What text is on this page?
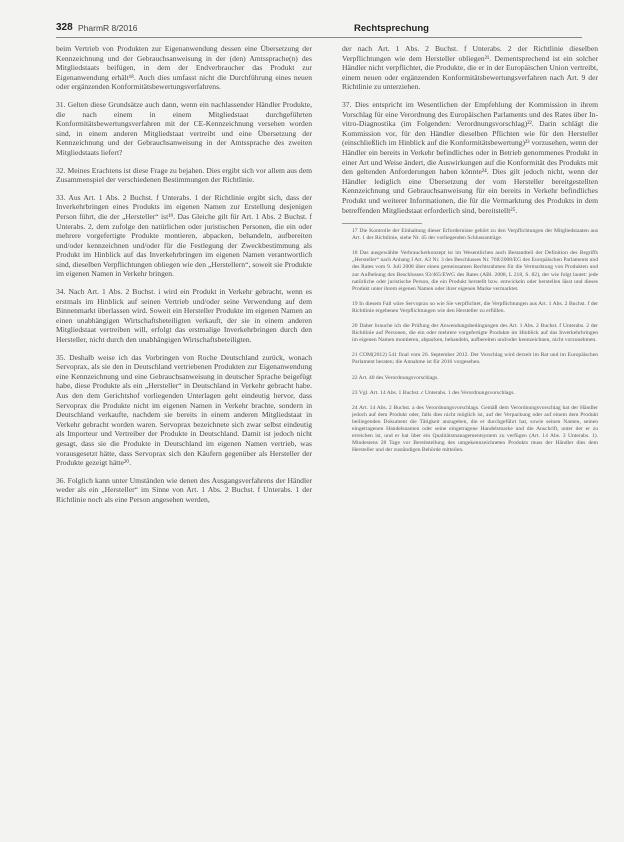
328 PharmR 8/2016	Rechtsprechung

beim Vertrieb von Produkten zur Eigenanwendung dessen eine Übersetzung der Kennzeichnung und der Gebrauchsanweisung in der (den) Amtssprache(n) des Mitgliedstaats beifügen, in dem der Endverbraucher das Produkt zur Eigenanwendung erhält¹⁸. Auch dies umfasst nicht die Durchführung eines neuen oder ergänzenden Konformitätsbewertungsverfahrens.

31. Gelten diese Grundsätze auch dann, wenn ein nachlassender Händler Produkte, die nach einem in einem Mitgliedstaat durchgeführten Konformitätsbewertungsverfahren mit der CE-Kennzeichnung versehen worden sind, in einem anderen Mitgliedstaat vertreibt und eine Übersetzung der Kennzeichnung und der Gebrauchsanweisung in der Amtssprache des zweiten Mitgliedstaats liefert?

32. Meines Erachtens ist diese Frage zu bejahen. Dies ergibt sich vor allem aus dem Zusammenspiel der verschiedenen Bestimmungen der Richtlinie.

33. Aus Art. 1 Abs. 2 Buchst. f Unterabs. 1 der Richtlinie ergibt sich, dass der Inverkehrbringen eines Produkts im eigenen Namen zur Erstellung desjenigen Person führt, die der „Hersteller“ ist¹⁹. Das Gleiche gilt für Art. 1 Abs. 2 Buchst. f Unterabs. 2, dem zufolge den natürlichen oder juristischen Personen, die ein oder mehrere vorgefertigte Produkte montieren, abpacken, behandeln, aufbereiten und/oder kennzeichnen und/oder für die Festlegung der Zweckbestimmung als Produkt im Hinblick auf das Inverkehrbringen im eigenen Namen verantwortlich sind, dieselben Verpflichtungen obliegen wie den „Herstellern“, soweit sie Produkte im eigenen Namen in Verkehr bringen.

34. Nach Art. 1 Abs. 2 Buchst. i wird ein Produkt in Verkehr gebracht, wenn es erstmals im Hinblick auf seinen Vertrieb und/oder seine Verwendung auf dem Binnenmarkt überlassen wird. Soweit ein Hersteller Produkte im eigenen Namen an einen unabhängigen Wirtschaftsbeteiligten verkauft, der sie in einem anderen Mitgliedstaat vertreiben will, erfolgt das erstmalige Inverkehrbringen durch den Hersteller, nicht durch den unabhängigen Wirtschaftsbeteiligten.

35. Deshalb weise ich das Vorbringen von Roche Deutschland zurück, wonach Servoprax, als sie den in Deutschland vertriebenen Produkten zur Eigenanwendung eine Kennzeichnung und eine Gebrauchsanweisung in deutscher Sprache beigefügt habe, diese Produkte als ein „Hersteller“ in Deutschland in Verkehr gebracht habe. Aus den dem Gerichtshof vorliegenden Unterlagen geht eindeutig hervor, dass Servoprax die Produkte nicht im eigenen Namen in Verkehr brachte, sondern in Deutschland verkaufte, nachdem sie bereits in einem anderen Mitgliedstaat in Verkehr gebracht worden waren. Servoprax bezeichnete sich zwar selbst eindeutig als Importeur und Vertreiber der Produkte in Deutschland. Damit ist jedoch nicht gesagt, dass sie die Produkte in Deutschland im eigenen Namen vertrieb, was vorausgesetzt hätte, dass Servoprax sich den Käufern gegenüber als Hersteller der Produkte gezeigt hätte²⁰.

36. Folglich kann unter Umständen wie denen des Ausgangsverfahrens der Händler weder als ein „Hersteller“ im Sinne von Art. 1 Abs. 2 Buchst. f Unterabs. 1 der Richtlinie noch als eine Person angesehen werden,

der nach Art. 1 Abs. 2 Buchst. f Unterabs. 2 der Richtlinie dieselben Verpflichtungen wie dem Hersteller obliegen²¹. Dementsprechend ist ein solcher Händler nicht verpflichtet, die Produkte, die er in der Europäischen Union vertreibt, einem neuen oder ergänzenden Konformitätsbewertungsverfahren nach Art. 9 der Richtlinie zu unterziehen.

37. Dies entspricht im Wesentlichen der Empfehlung der Kommission in ihrem Vorschlag für eine Verordnung des Europäischen Parlaments und des Rates über In-vitro-Diagnostika (im Folgenden: Verordnungsvorschlag)²². Darin schlägt die Kommission vor, für den Händler dieselben Pflichten wie für den Hersteller (einschließlich im Hinblick auf die Konformitätsbewertung)²³ vorzusehen, wenn der Händler ein bereits in Verkehr befindliches oder in Betrieb genommenes Produkt in einer Art und Weise ändert, die Auswirkungen auf die Konformität des Produkts mit den geltenden Anforderungen haben könnte²⁴. Dies gilt jedoch nicht, wenn der Händler lediglich eine Übersetzung der vom Hersteller bereitgestellten Kennzeichnung und Gebrauchsanweisung für ein bereits in Verkehr befindliches Produkt und weiterer Informationen, die für die Vermarktung des Produkts in dem betreffenden Mitgliedstaat erforderlich sind, bereitstellt²⁵.

17 Die Kontrolle der Einhaltung dieser Erfordernisse gehört zu den Verpflichtungen der Mitgliedstaaten aus Art. 1 der Richtlinie, siehe Nr. 45 der vorliegenden Schlussanträge.

18 Das ausgewählte Verbraucherkonzept ist im Wesentlichen auch Bestandteil der Definition des Begriffs „Hersteller“ nach Anhang I Art. A3 Nr. 3 des Beschlusses Nr. 768/2008/EG des Europäischen Parlaments und des Rates vom 9. Juli 2008 über einen gemeinsamen Rechtsrahmen für die Vermarktung von Produkten und zur Aufhebung des Beschlusses 93/465/EWG des Rates (ABl. 2008, L 218, S. 82), der wie folgt lautet: jede natürliche oder juristische Person, die ein Produkt herstellt bzw. entwickeln oder herstellen lässt und dieses Produkt unter ihrem eigenen Namen oder ihrer eigenen Marke vermarktet.

19 In diesem Fall wäre Servoprax so wie Sie verpflichtet, die Verpflichtungen aus Art. 1 Abs. 2 Buchst. f der Richtlinie ergebenen Verpflichtungen wie den Hersteller zu erfüllen.

20 Daher brauche ich die Prüfung der Anwendungsbedingungen des Art. 1 Abs. 2 Buchst. f Unterabs. 2 der Richtlinie auf Personen, die ein oder mehrere vorgefertigte Produkte im Hinblick auf das Inverkehrbringen im eigenen Namen montieren, abpacken, behandeln, aufbereiten und/oder kennzeichnen, nicht vorzunehmen.

21 COM(2012) 541 final vom 26. September 2012. Der Vorschlag wird derzeit im Rat und im Europäischen Parlament beraten; die Annahme ist für 2016 vorgesehen.

22 Art. 40 des Verordnungsvorschlags.

23 Vgl. Art. 14 Abs. 1 Buchst. c Unterabs. 1 des Verordnungsvorschlags.

24 Art. 14 Abs. 2 Buchst. a des Verordnungsvorschlags. Gemäß dem Verordnungsvorschlag hat der Händler jedoch auf dem Produkt oder, falls dies nicht möglich ist, auf der Verpackung oder auf einem dem Produkt beiliegenden Dokument die Tätigkeit anzugeben, die er durchgeführt hat, sowie seinen Namen, seinen eingetragenen Handelsnamen oder seine eingetragene Handelsmarke und die Anschrift, unter der er zu erreichen ist, und er hat über ein Qualitätsmanagementsystem zu verfügen (Art. 14 Abs. 3 Unterabs. 1). Mindestens 28 Tage vor Bereitstellung des umgekennzeichneten Produkts muss der Händler dies dem Hersteller und der zuständigen Behörde mitteilen.
